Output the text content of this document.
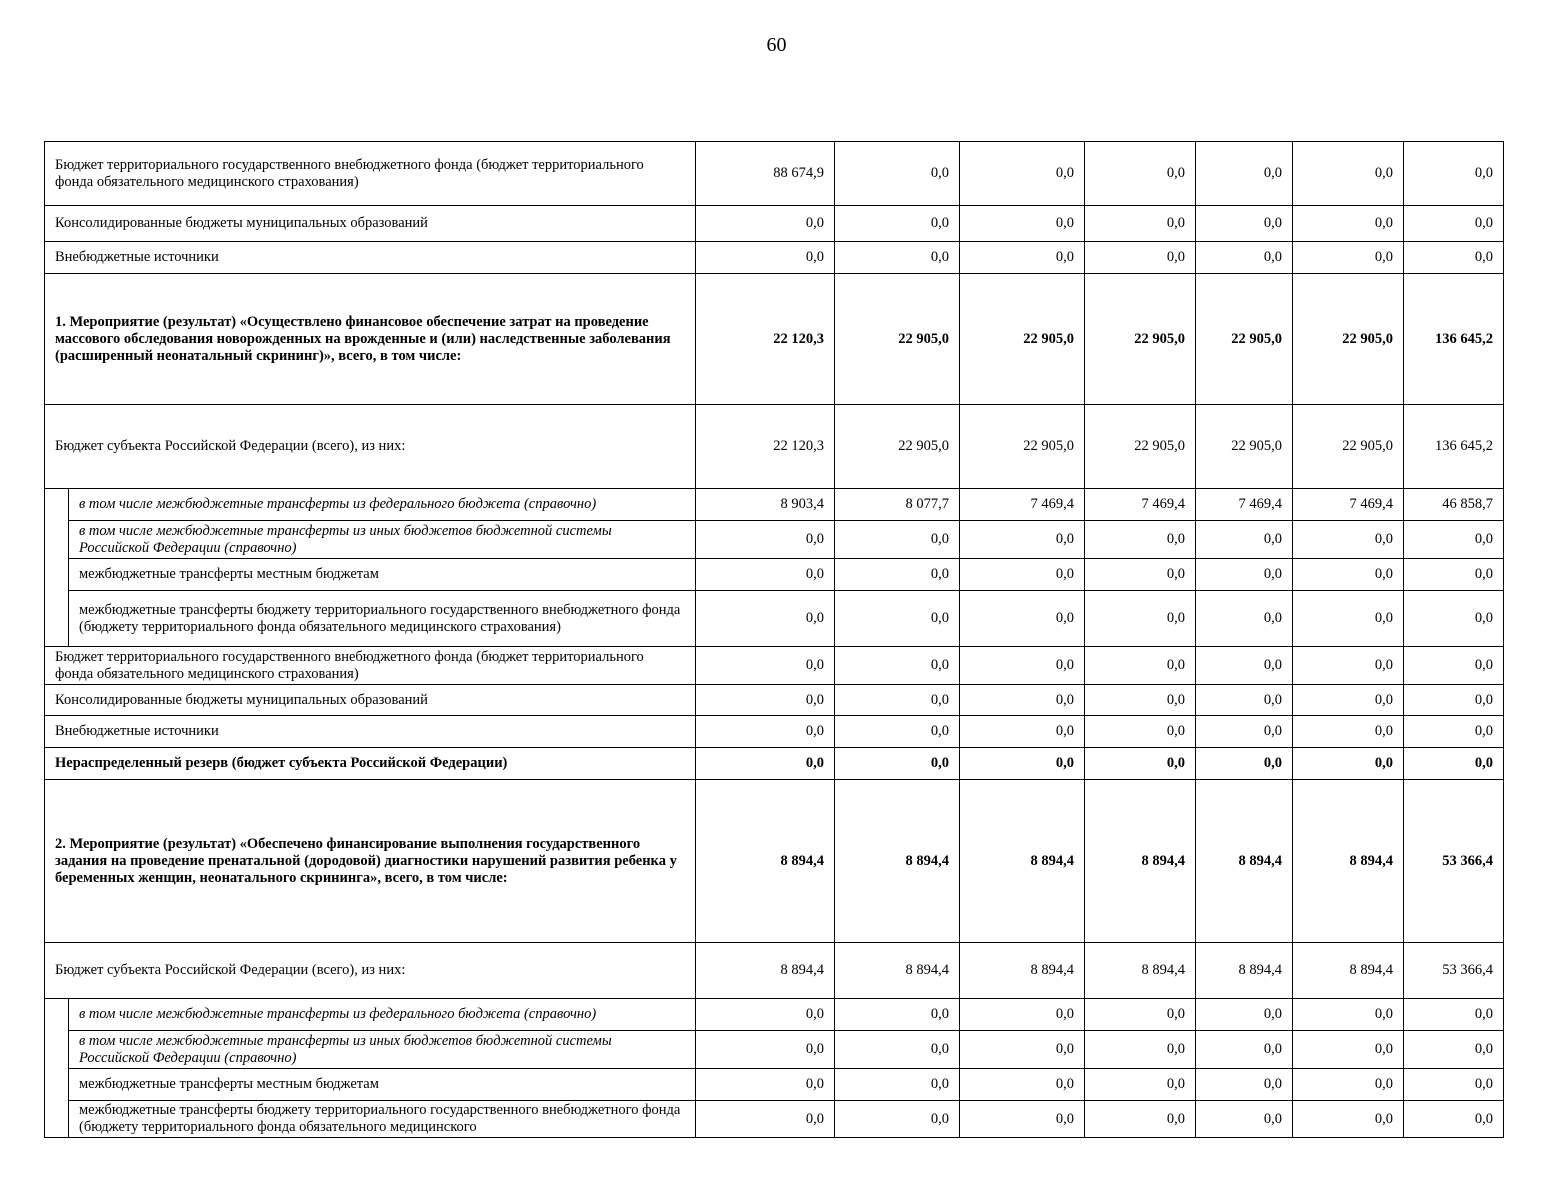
60
Бюджет территориального государственного внебюджетного фонда (бюджет территориального фонда обязательного медицинского страхования)		88 674,9	0,0	0,0	0,0	0,0	0,0	0,0
Консолидированные бюджеты муниципальных образований		0,0	0,0	0,0	0,0	0,0	0,0	0,0
Внебюджетные источники		0,0	0,0	0,0	0,0	0,0	0,0	0,0
1. Мероприятие (результат) «Осуществлено финансовое обеспечение затрат на проведение массового обследования новорожденных на врожденные и (или) наследственные заболевания (расширенный неонатальный скрининг)», всего, в том числе:		22 120,3	22 905,0	22 905,0	22 905,0	22 905,0	22 905,0	136 645,2
Бюджет субъекта Российской Федерации (всего), из них:		22 120,3	22 905,0	22 905,0	22 905,0	22 905,0	22 905,0	136 645,2
	в том числе межбюджетные трансферты из федерального бюджета (справочно)	8 903,4	8 077,7	7 469,4	7 469,4	7 469,4	7 469,4	46 858,7
	в том числе межбюджетные трансферты из иных бюджетов бюджетной системы Российской Федерации (справочно)	0,0	0,0	0,0	0,0	0,0	0,0	0,0
	межбюджетные трансферты местным бюджетам	0,0	0,0	0,0	0,0	0,0	0,0	0,0
	межбюджетные трансферты бюджету территориального государственного внебюджетного фонда (бюджету территориального фонда обязательного медицинского страхования)	0,0	0,0	0,0	0,0	0,0	0,0	0,0
Бюджет территориального государственного внебюджетного фонда (бюджет территориального фонда обязательного медицинского страхования)		0,0	0,0	0,0	0,0	0,0	0,0	0,0
Консолидированные бюджеты муниципальных образований		0,0	0,0	0,0	0,0	0,0	0,0	0,0
Внебюджетные источники		0,0	0,0	0,0	0,0	0,0	0,0	0,0
Нераспределенный резерв (бюджет субъекта Российской Федерации)		0,0	0,0	0,0	0,0	0,0	0,0	0,0
2. Мероприятие (результат) «Обеспечено финансирование выполнения государственного задания на проведение пренатальной (дородовой) диагностики нарушений развития ребенка у беременных женщин, неонатального скрининга», всего, в том числе:		8 894,4	8 894,4	8 894,4	8 894,4	8 894,4	8 894,4	53 366,4
Бюджет субъекта Российской Федерации (всего), из них:		8 894,4	8 894,4	8 894,4	8 894,4	8 894,4	8 894,4	53 366,4
	в том числе межбюджетные трансферты из федерального бюджета (справочно)	0,0	0,0	0,0	0,0	0,0	0,0	0,0
	в том числе межбюджетные трансферты из иных бюджетов бюджетной системы Российской Федерации (справочно)	0,0	0,0	0,0	0,0	0,0	0,0	0,0
	межбюджетные трансферты местным бюджетам	0,0	0,0	0,0	0,0	0,0	0,0	0,0
	межбюджетные трансферты бюджету территориального государственного внебюджетного фонда (бюджету территориального фонда обязательного медицинского	0,0	0,0	0,0	0,0	0,0	0,0	0,0
